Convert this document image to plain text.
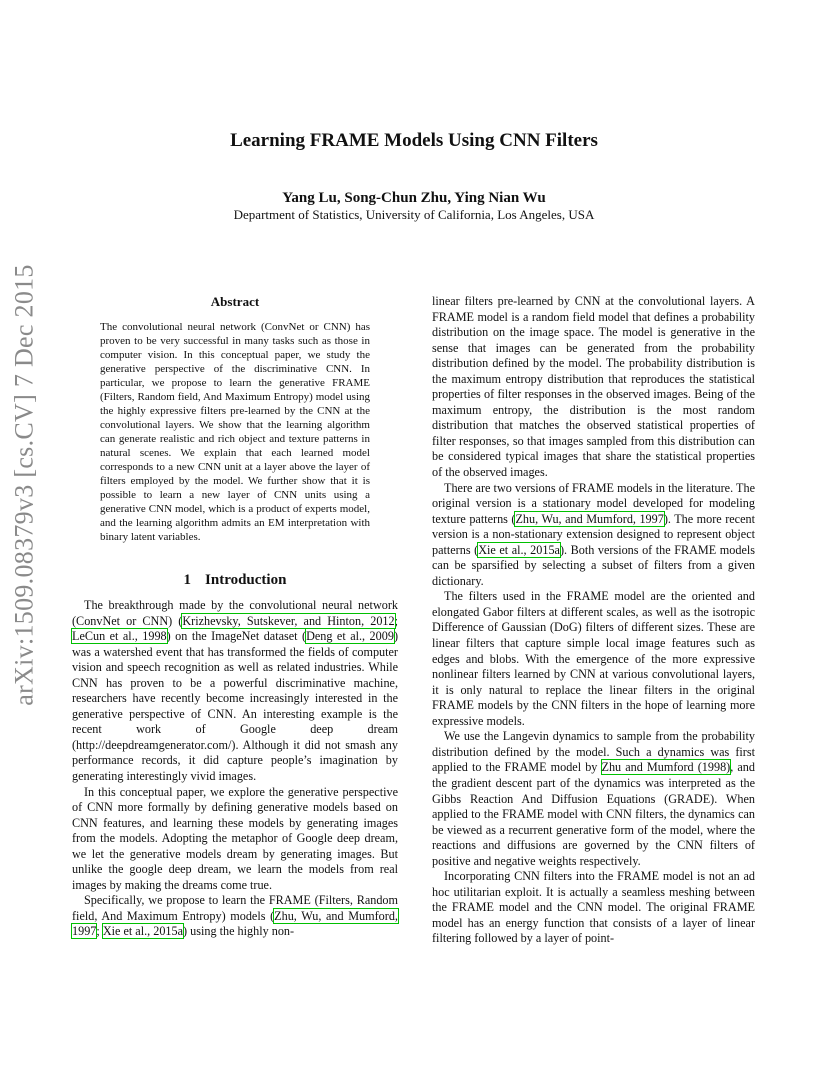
arXiv:1509.08379v3 [cs.CV] 7 Dec 2015
Learning FRAME Models Using CNN Filters
Yang Lu, Song-Chun Zhu, Ying Nian Wu
Department of Statistics, University of California, Los Angeles, USA
Abstract
The convolutional neural network (ConvNet or CNN) has proven to be very successful in many tasks such as those in computer vision. In this conceptual paper, we study the generative perspective of the discriminative CNN. In particular, we propose to learn the generative FRAME (Filters, Random field, And Maximum Entropy) model using the highly expressive filters pre-learned by the CNN at the convolutional layers. We show that the learning algorithm can generate realistic and rich object and texture patterns in natural scenes. We explain that each learned model corresponds to a new CNN unit at a layer above the layer of filters employed by the model. We further show that it is possible to learn a new layer of CNN units using a generative CNN model, which is a product of experts model, and the learning algorithm admits an EM interpretation with binary latent variables.
1 Introduction

The breakthrough made by the convolutional neural network (ConvNet or CNN) (Krizhevsky, Sutskever, and Hinton, 2012; LeCun et al., 1998) on the ImageNet dataset (Deng et al., 2009) was a watershed event that has transformed the fields of computer vision and speech recognition as well as related industries. While CNN has proven to be a powerful discriminative machine, researchers have recently become increasingly interested in the generative perspective of CNN. An interesting example is the recent work of Google deep dream (http://deepdreamgenerator.com/). Although it did not smash any performance records, it did capture people’s imagination by generating interestingly vivid images.

In this conceptual paper, we explore the generative perspective of CNN more formally by defining generative models based on CNN features, and learning these models by generating images from the models. Adopting the metaphor of Google deep dream, we let the generative models dream by generating images. But unlike the google deep dream, we learn the models from real images by making the dreams come true.

Specifically, we propose to learn the FRAME (Filters, Random field, And Maximum Entropy) models (Zhu, Wu, and Mumford, 1997; Xie et al., 2015a) using the highly non-

linear filters pre-learned by CNN at the convolutional layers. A FRAME model is a random field model that defines a probability distribution on the image space. The model is generative in the sense that images can be generated from the probability distribution defined by the model. The probability distribution is the maximum entropy distribution that reproduces the statistical properties of filter responses in the observed images. Being of the maximum entropy, the distribution is the most random distribution that matches the observed statistical properties of filter responses, so that images sampled from this distribution can be considered typical images that share the statistical properties of the observed images.

There are two versions of FRAME models in the literature. The original version is a stationary model developed for modeling texture patterns (Zhu, Wu, and Mumford, 1997). The more recent version is a non-stationary extension designed to represent object patterns (Xie et al., 2015a). Both versions of the FRAME models can be sparsified by selecting a subset of filters from a given dictionary.

The filters used in the FRAME model are the oriented and elongated Gabor filters at different scales, as well as the isotropic Difference of Gaussian (DoG) filters of different sizes. These are linear filters that capture simple local image features such as edges and blobs. With the emergence of the more expressive nonlinear filters learned by CNN at various convolutional layers, it is only natural to replace the linear filters in the original FRAME models by the CNN filters in the hope of learning more expressive models.

We use the Langevin dynamics to sample from the probability distribution defined by the model. Such a dynamics was first applied to the FRAME model by Zhu and Mumford (1998), and the gradient descent part of the dynamics was interpreted as the Gibbs Reaction And Diffusion Equations (GRADE). When applied to the FRAME model with CNN filters, the dynamics can be viewed as a recurrent generative form of the model, where the reactions and diffusions are governed by the CNN filters of positive and negative weights respectively.

Incorporating CNN filters into the FRAME model is not an ad hoc utilitarian exploit. It is actually a seamless meshing between the FRAME model and the CNN model. The original FRAME model has an energy function that consists of a layer of linear filtering followed by a layer of point-
